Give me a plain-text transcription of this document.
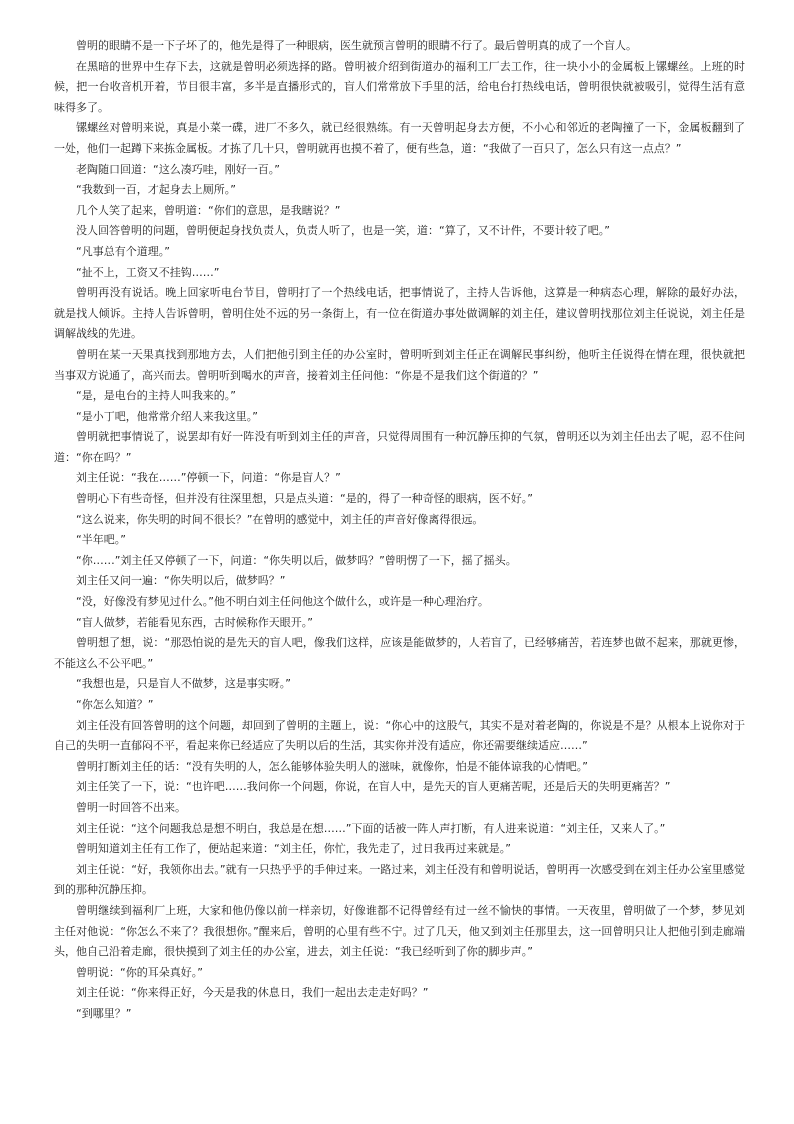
曾明的眼睛不是一下子坏了的，他先是得了一种眼病，医生就预言曾明的眼睛不行了。最后曾明真的成了一个盲人。

在黑暗的世界中生存下去，这就是曾明必须选择的路。曾明被介绍到街道办的福利工厂去工作，往一块小小的金属板上镙螺丝。上班的时候，把一台收音机开着，节目很丰富，多半是直播形式的，盲人们常常放下手里的活，给电台打热线电话，曾明很快就被吸引，觉得生活有意味得多了。

镙螺丝对曾明来说，真是小菜一碟，进厂不多久，就已经很熟练。有一天曾明起身去方便，不小心和邻近的老陶撞了一下，金属板翻到了一处，他们一起蹲下来拣金属板。才拣了几十只，曾明就再也摸不着了，便有些急，道：“我做了一百只了，怎么只有这一点点？”

老陶随口回道：“这么凑巧哇，刚好一百。”

“我数到一百，才起身去上厕所。”

几个人笑了起来，曾明道：“你们的意思，是我瞎说？”

没人回答曾明的问题，曾明便起身找负责人，负责人听了，也是一笑，道：“算了，又不计件，不要计较了吧。”

“凡事总有个道理。”

“扯不上，工资又不挂钩……”

曾明再没有说话。晚上回家听电台节目，曾明打了一个热线电话，把事情说了，主持人告诉他，这算是一种病态心理，解除的最好办法，就是找人倾诉。主持人告诉曾明，曾明住处不远的另一条街上，有一位在街道办事处做调解的刘主任，建议曾明找那位刘主任说说，刘主任是调解战线的先进。

曾明在某一天果真找到那地方去，人们把他引到主任的办公室时，曾明听到刘主任正在调解民事纠纷，他听主任说得在情在理，很快就把当事双方说通了，高兴而去。曾明听到喝水的声音，接着刘主任问他：“你是不是我们这个街道的？”

“是，是电台的主持人叫我来的。”

“是小丁吧，他常常介绍人来我这里。”

曾明就把事情说了，说罢却有好一阵没有听到刘主任的声音，只觉得周围有一种沉静压抑的气氛，曾明还以为刘主任出去了呢，忍不住问道：“你在吗？”

刘主任说：“我在……”停顿一下，问道：“你是盲人？”

曾明心下有些奇怪，但并没有往深里想，只是点头道：“是的，得了一种奇怪的眼病，医不好。”

“这么说来，你失明的时间不很长？”在曾明的感觉中，刘主任的声音好像离得很远。

“半年吧。”

“你……”刘主任又停顿了一下，问道：“你失明以后，做梦吗？”曾明愣了一下，摇了摇头。

刘主任又问一遍：“你失明以后，做梦吗？”

“没，好像没有梦见过什么。”他不明白刘主任问他这个做什么，或许是一种心理治疗。

“盲人做梦，若能看见东西，古时候称作天眼开。”

曾明想了想，说：“那恐怕说的是先天的盲人吧，像我们这样，应该是能做梦的，人若盲了，已经够痛苦，若连梦也做不起来，那就更惨，不能这么不公平吧。”

“我想也是，只是盲人不做梦，这是事实呀。”

“你怎么知道？”

刘主任没有回答曾明的这个问题，却回到了曾明的主题上，说：“你心中的这股气，其实不是对着老陶的，你说是不是？从根本上说你对于自己的失明一直郁闷不平，看起来你已经适应了失明以后的生活，其实你并没有适应，你还需要继续适应……”

曾明打断刘主任的话：“没有失明的人，怎么能够体验失明人的滋味，就像你，怕是不能体谅我的心情吧。”

刘主任笑了一下，说：“也许吧……我问你一个问题，你说，在盲人中，是先天的盲人更痛苦呢，还是后天的失明更痛苦？”

曾明一时回答不出来。

刘主任说：“这个问题我总是想不明白，我总是在想……”下面的话被一阵人声打断，有人进来说道：“刘主任，又来人了。”

曾明知道刘主任有工作了，便站起来道：“刘主任，你忙，我先走了，过日我再过来就是。”

刘主任说：“好，我领你出去。”就有一只热乎乎的手伸过来。一路过来，刘主任没有和曾明说话，曾明再一次感受到在刘主任办公室里感觉到的那种沉静压抑。

曾明继续到福利厂上班，大家和他仍像以前一样亲切，好像谁都不记得曾经有过一丝不愉快的事情。一天夜里，曾明做了一个梦，梦见刘主任对他说：“你怎么不来了？我很想你。”醒来后，曾明的心里有些不宁。过了几天，他又到刘主任那里去，这一回曾明只让人把他引到走廊端头，他自己沿着走廊，很快摸到了刘主任的办公室，进去，刘主任说：“我已经听到了你的脚步声。”

曾明说：“你的耳朵真好。”

刘主任说：“你来得正好，今天是我的休息日，我们一起出去走走好吗？”

“到哪里？”
